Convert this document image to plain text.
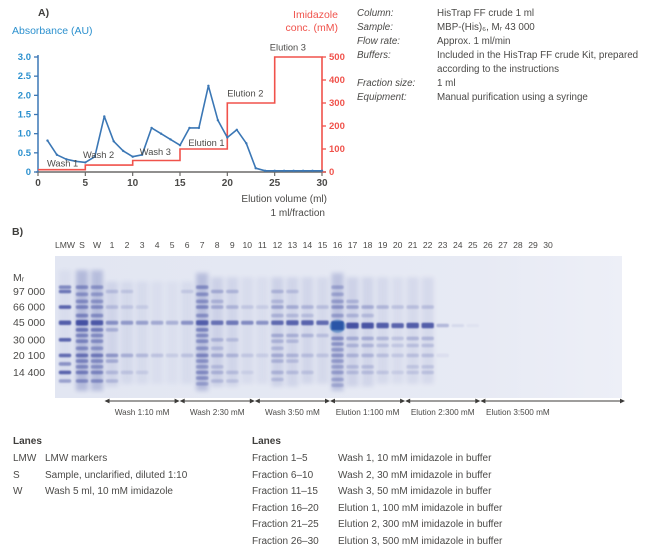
A)
Absorbance (AU)
Imidazole
conc. (mM)
0	5	10	15	20	25	30
0
0.5
1.0
1.5
2.0
2.5
3.0
0
100
200
300
400
500
Wash 1
Wash 2	Wash 3
Elution 1
Elution 2
Elution 3
Elution volume (ml)
1 ml/fraction
Column:	HisTrap FF crude 1 ml
Sample:	MBP-(His)₆, Mᵣ 43 000
Flow rate:	Approx. 1 ml/min
Buffers:	Included in the HisTrap FF crude Kit, prepared according to the instructions
Fraction size:	1 ml
Equipment:	Manual purification using a syringe
B)
Mᵣ
97 000
66 000
45 000
30 000
20 100
14 400
LMW S W 1 2 3 4 5 6 7 8 9 10 11 12 13 14 15 16 17 18 19 20 21 22 23 24 25 26 27 28 29 30
Wash 1:10 mM Wash 2:30 mM Wash 3:50 mM Elution 1:100 mM Elution 2:300 mM Elution 3:500 mM
Lanes
LMW LMW markers
S	Sample, unclarified, diluted 1:10
W	Wash 5 ml, 10 mM imidazole
Lanes
Fraction 1–5	Wash 1, 10 mM imidazole in buffer
Fraction 6–10	Wash 2, 30 mM imidazole in buffer
Fraction 11–15	Wash 3, 50 mM imidazole in buffer
Fraction 16–20	Elution 1, 100 mM imidazole in buffer
Fraction 21–25	Elution 2, 300 mM imidazole in buffer
Fraction 26–30	Elution 3, 500 mM imidazole in buffer
